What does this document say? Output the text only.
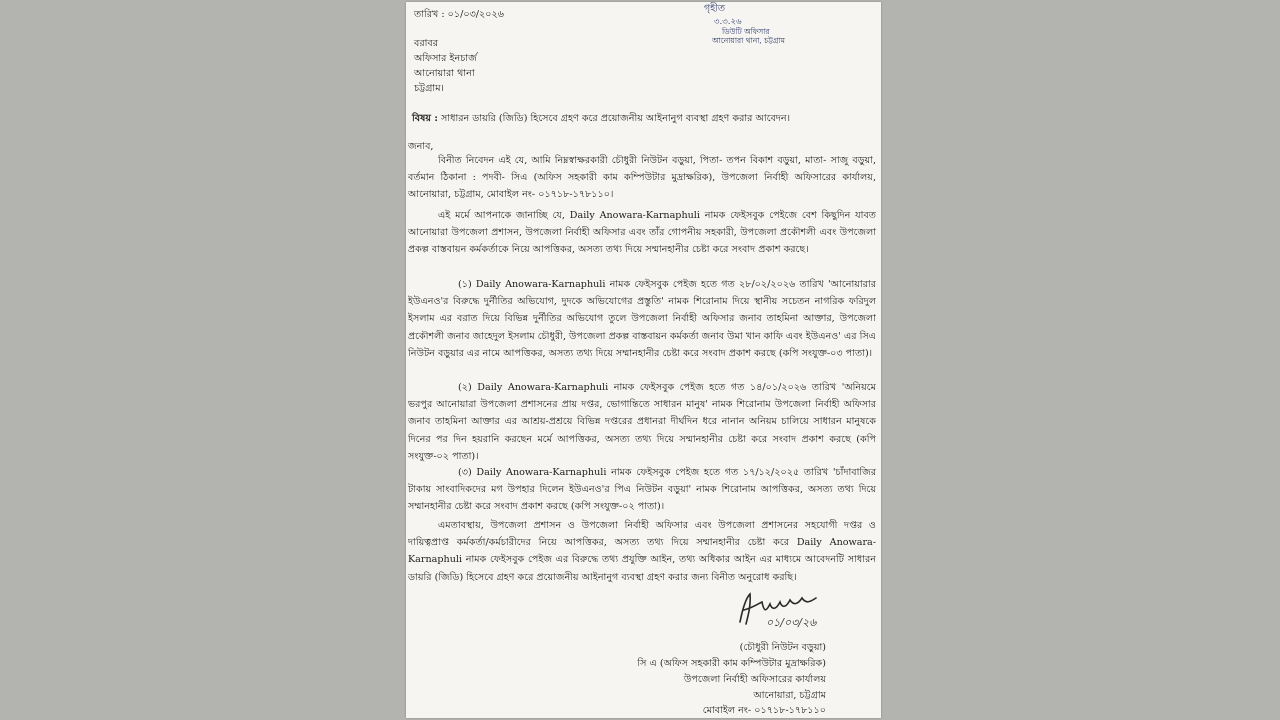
তারিখ : ০১/০৩/২০২৬
গৃহীত
৩.৩.২৬
ডিউটি অফিসার
আনোয়ারা থানা, চট্টগ্রাম
বরাবর
অফিসার ইনচার্জ
আনোয়ারা থানা
চট্টগ্রাম।
বিষয় : সাধারন ডায়রি (জিডি) হিসেবে গ্রহণ করে প্রয়োজনীয় আইনানুগ ব্যবস্থা গ্রহণ করার আবেদন।
জনাব,
বিনীত নিবেদন এই যে, আমি নিম্নস্বাক্ষরকারী চৌধুরী নিউটন বড়ুয়া, পিতা- তপন বিকাশ বড়ুয়া, মাতা- সাজু বড়ুয়া, বর্তমান ঠিকানা : পদবী- সিএ (অফিস সহকারী কাম কম্পিউটার মুদ্রাক্ষরিক), উপজেলা নির্বাহী অফিসারের কার্যালয়, আনোয়ারা, চট্টগ্রাম, মোবাইল নং- ০১৭১৮-১৭৮১১০।
এই মর্মে আপনাকে জানাচ্ছি যে, Daily Anowara-Karnaphuli নামক ফেইসবুক পেইজে বেশ কিছুদিন যাবত আনোয়ারা উপজেলা প্রশাসন, উপজেলা নির্বাহী অফিসার এবং তাঁর গোপনীয় সহকারী, উপজেলা প্রকৌশলী এবং উপজেলা প্রকল্প বাস্তবায়ন কর্মকর্তাকে নিয়ে আপত্তিকর, অসত্য তথ্য দিয়ে সম্মানহানীর চেষ্টা করে সংবাদ প্রকাশ করছে।
(১) Daily Anowara-Karnaphuli নামক ফেইসবুক পেইজ হতে গত ২৮/০২/২০২৬ তারিখ 'আনোয়ারার ইউএনও'র বিরুদ্ধে দুর্নীতির অভিযোগ, দুদকে অভিযোগের প্রস্তুতি' নামক শিরোনাম দিয়ে স্থানীয় সচেতন নাগরিক ফরিদুল ইসলাম এর বরাত দিয়ে বিভিন্ন দুর্নীতির অভিযোগ তুলে উপজেলা নির্বাহী অফিসার জনাব তাহমিনা আক্তার, উপজেলা প্রকৌশলী জনাব জাহেদুল ইসলাম চৌধুরী, উপজেলা প্রকল্প বাস্তবায়ন কর্মকর্তা জনাব উমা খান কাফি এবং ইউএনও' এর সিএ নিউটন বড়ুয়ার এর নামে আপত্তিকর, অসত্য তথ্য দিয়ে সম্মানহানীর চেষ্টা করে সংবাদ প্রকাশ করছে (কপি সংযুক্ত-০৩ পাতা)।
(২) Daily Anowara-Karnaphuli নামক ফেইসবুক পেইজ হতে গত ১৪/০১/২০২৬ তারিখ 'অনিয়মে ভরপুর আনোয়ারা উপজেলা প্রশাসনের প্রায় দপ্তর, ভোগান্তিতে সাধারন মানুষ' নামক শিরোনাম উপজেলা নির্বাহী অফিসার জনাব তাহমিনা আক্তার এর আশ্রয়-প্রশ্রয়ে বিভিন্ন দপ্তরের প্রধানরা দীর্ঘদিন ধরে নানান অনিয়ম চালিয়ে সাধারন মানুষকে দিনের পর দিন হয়রানি করছেন মর্মে আপত্তিকর, অসত্য তথ্য দিয়ে সম্মানহানীর চেষ্টা করে সংবাদ প্রকাশ করছে (কপি সংযুক্ত-০২ পাতা)।
(৩) Daily Anowara-Karnaphuli নামক ফেইসবুক পেইজ হতে গত ১৭/১২/২০২৫ তারিখ 'চাঁদাবাজির টাকায় সাংবাদিকদের মগ উপহার দিলেন ইউএনও'র পিএ নিউটন বড়ুয়া' নামক শিরোনাম আপত্তিকর, অসত্য তথ্য দিয়ে সম্মানহানীর চেষ্টা করে সংবাদ প্রকাশ করছে (কপি সংযুক্ত-০২ পাতা)।
এমতাবস্থায়, উপজেলা প্রশাসন ও উপজেলা নির্বাহী অফিসার এবং উপজেলা প্রশাসনের সহযোগী দপ্তর ও দায়িত্বপ্রাপ্ত কর্মকর্তা/কর্মচারীদের নিয়ে আপত্তিকর, অসত্য তথ্য দিয়ে সম্মানহানীর চেষ্টা করে Daily Anowara-Karnaphuli নামক ফেইসবুক পেইজ এর বিরুদ্ধে তথ্য প্রযুক্তি আইন, তথ্য অধিকার আইন এর মাধ্যমে আবেদনটি সাধারন ডায়রি (জিডি) হিসেবে গ্রহণ করে প্রয়োজনীয় আইনানুগ ব্যবস্থা গ্রহণ করার জন্য বিনীত অনুরোধ করছি।
০১/০৩/২৬
(চৌধুরী নিউটন বড়ুয়া)
সি এ (অফিস সহকারী কাম কম্পিউটার মুদ্রাক্ষরিক)
উপজেলা নির্বাহী অফিসারের কার্যালয়
আনোয়ারা, চট্টগ্রাম
মোবাইল নং- ০১৭১৮-১৭৮১১০
